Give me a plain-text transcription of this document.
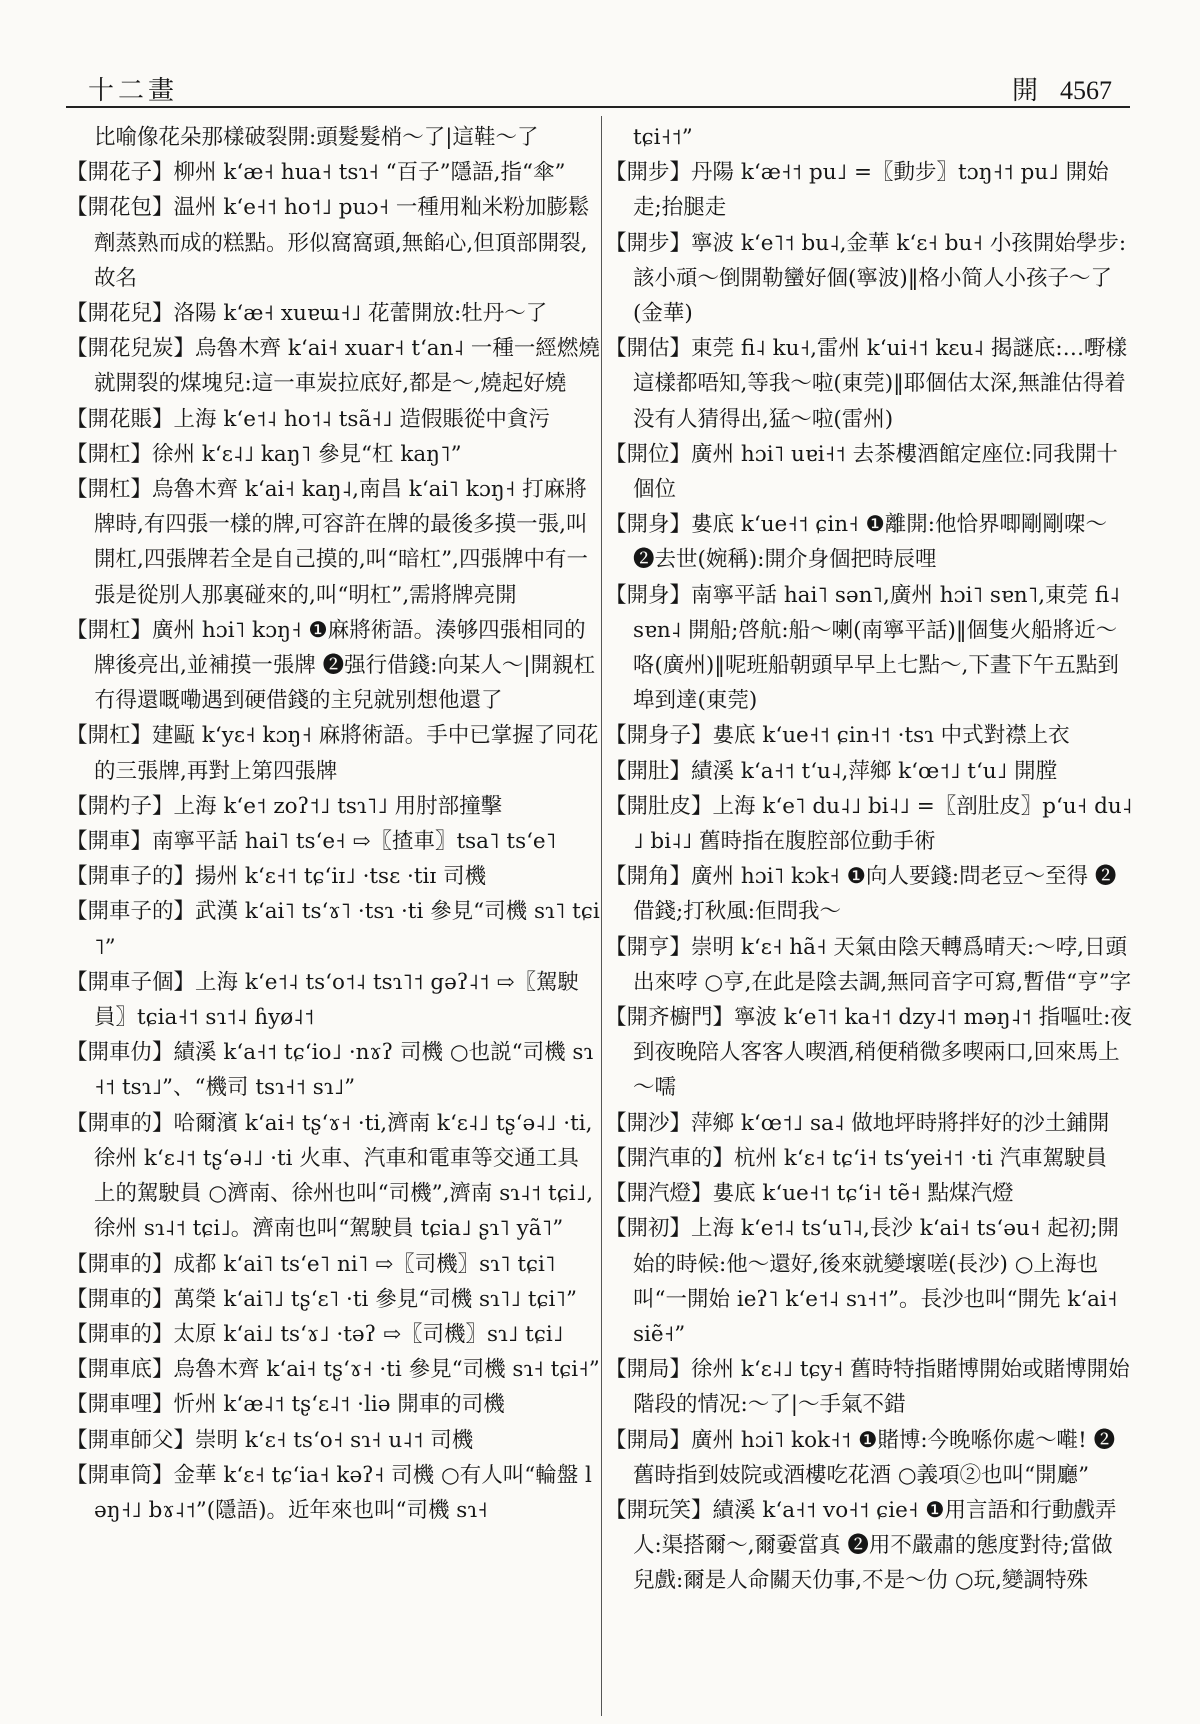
十二畫	開 4567

比喻像花朵那樣破裂開:頭髮髮梢～了|這鞋～了

【開花子】柳州 kʻæ˧ hua˧ tsɿ˧ “百子”隱語,指“傘”

【開花包】温州 kʻe˧˦ ho˦˩ puɔ˧ 一種用籼米粉加膨鬆劑蒸熟而成的糕點。形似窩窩頭,無餡心,但頂部開裂,故名

【開花兒】洛陽 kʻæ˧ xuɐɯ˧˩ 花蕾開放:牡丹～了

【開花兒炭】烏魯木齊 kʻai˧ xuar˧ tʻan˨ 一種一經燃燒就開裂的煤塊兒:這一車炭拉底好,都是～,燒起好燒

【開花賬】上海 kʻe˦˨ ho˦˨ tsã˧˩ 造假賬從中貪污

【開杠】徐州 kʻɛ˨˩ kaŋ˥ 參見“杠 kaŋ˥”

【開杠】烏魯木齊 kʻai˧ kaŋ˨,南昌 kʻai˥ kɔŋ˧ 打麻將牌時,有四張一樣的牌,可容許在牌的最後多摸一張,叫開杠,四張牌若全是自己摸的,叫“暗杠”,四張牌中有一張是從別人那裏碰來的,叫“明杠”,需將牌亮開

【開杠】廣州 hɔi˥ kɔŋ˧ ❶麻將術語。湊够四張相同的牌後亮出,並補摸一張牌 ❷强行借錢:向某人～|開親杠冇得還嘅嘞遇到硬借錢的主兒就别想他還了

【開杠】建甌 kʻyɛ˧ kɔŋ˧ 麻將術語。手中已掌握了同花的三張牌,再對上第四張牌

【開杓子】上海 kʻe˦ zoʔ˦˩ tsɿ˥˩ 用肘部撞擊

【開車】南寧平話 hai˥ tsʻe˧ ⇨〖揸車〗tsa˥ tsʻe˥

【開車子的】揚州 kʻɛ˧˦ tɕʻiɪ˩ ·tsɛ ·tiɪ 司機

【開車子的】武漢 kʻai˥ tsʻɤ˥ ·tsɿ ·ti 參見“司機 sɿ˥ tɕi˥”

【開車子個】上海 kʻe˦˨ tsʻo˦˨ tsɿ˥˦ gəʔ˨˦ ⇨〖駕駛員〗tɕia˧˦ sɿ˦˨ ɦyø˨˦

【開車仂】績溪 kʻa˧˦ tɕʻio˩ ·nɤʔ 司機 ○也説“司機 sɿ˧˦ tsɿ˩”、“機司 tsɿ˧˦ sɿ˩”

【開車的】哈爾濱 kʻai˧ tʂʻɤ˧ ·ti,濟南 kʻɛ˨˩ tʂʻə˨˩ ·ti,徐州 kʻɛ˨˦ tʂʻə˨˩ ·ti 火車、汽車和電車等交通工具上的駕駛員 ○濟南、徐州也叫“司機”,濟南 sɿ˨˦ tɕi˩,徐州 sɿ˨˦ tɕi˩。濟南也叫“駕駛員 tɕia˩ ʂɿ˥ yã˥”

【開車的】成都 kʻai˥ tsʻe˥ ni˥ ⇨〖司機〗sɿ˥ tɕi˥

【開車的】萬榮 kʻai˥˩ tʂʻɛ˥ ·ti 參見“司機 sɿ˥˩ tɕi˥”

【開車的】太原 kʻai˩ tsʻɤ˩ ·təʔ ⇨〖司機〗sɿ˩ tɕi˩

【開車底】烏魯木齊 kʻai˧ tʂʻɤ˧ ·ti 參見“司機 sɿ˧ tɕi˧”

【開車哩】忻州 kʻæ˨˦ tʂʻɛ˨˦ ·liə 開車的司機

【開車師父】崇明 kʻɛ˧ tsʻo˧ sɿ˧ u˨˦ 司機

【開車筒】金華 kʻɛ˧ tɕʻia˧ kəʔ˧ 司機 ○有人叫“輪盤 ləŋ˧˩ bɤ˨˦”(隱語)。近年來也叫“司機 sɿ˧

tɕi˧˦”

【開步】丹陽 kʻæ˧˦ pu˩ =〖動步〗tɔŋ˧˦ pu˩ 開始走;抬腿走

【開步】寧波 kʻe˥˦ bu˨,金華 kʻɛ˧ bu˧ 小孩開始學步:該小頑～倒開勒蠻好個(寧波)‖格小简人小孩子～了(金華)

【開估】東莞 fi˨ ku˧,雷州 kʻui˧˦ kɛu˨ 揭謎底:…嘢樣這樣都唔知,等我～啦(東莞)‖耶個估太深,無誰估得着没有人猜得出,猛～啦(雷州)

【開位】廣州 hɔi˥ uɐi˧˦ 去茶樓酒館定座位:同我開十個位

【開身】婁底 kʻue˧˦ ɕin˧ ❶離開:他恰界唧剛剛㗎～ ❷去世(婉稱):開介身個把時辰哩

【開身】南寧平話 hai˥ sən˥,廣州 hɔi˥ sɐn˥,東莞 fi˨ sɐn˨ 開船;啓航:船～喇(南寧平話)‖個隻火船將近～咯(廣州)‖呢班船朝頭早早上七點～,下晝下午五點到埠到達(東莞)

【開身子】婁底 kʻue˧˦ ɕin˧˦ ·tsɿ 中式對襟上衣

【開肚】績溪 kʻa˧˦ tʻu˨,萍鄉 kʻœ˦˩ tʻu˩ 開膛

【開肚皮】上海 kʻe˥ du˨˩ bi˨˩ =〖剖肚皮〗pʻu˧ du˨˩ bi˨˩ 舊時指在腹腔部位動手術

【開角】廣州 hɔi˥ kɔk˧ ❶向人要錢:問老豆～至得 ❷借錢;打秋風:佢問我～

【開亨】崇明 kʻɛ˧ hã˧ 天氣由陰天轉爲晴天:～哱,日頭出來哱 ○亨,在此是陰去調,無同音字可寫,暫借“亨”字

【開齐櫥門】寧波 kʻe˥˦ ka˧˦ dzy˨˦ məŋ˨˦ 指嘔吐:夜到夜晚陪人客客人喫酒,稍便稍微多喫兩口,回來馬上～嚅

【開沙】萍鄉 kʻœ˦˩ sa˨ 做地坪時將拌好的沙土鋪開

【開汽車的】杭州 kʻɛ˧ tɕʻi˧ tsʻyei˧˦ ·ti 汽車駕駛員

【開汽燈】婁底 kʻue˧˦ tɕʻi˧ tẽ˧ 點煤汽燈

【開初】上海 kʻe˦˨ tsʻu˥˨,長沙 kʻai˧ tsʻəu˧ 起初;開始的時候:他～還好,後來就變壞嗟(長沙) ○上海也叫“一開始 ieʔ˥ kʻe˦˨ sɿ˧˦”。長沙也叫“開先 kʻai˧ siẽ˧”

【開局】徐州 kʻɛ˨˩ tɕy˧ 舊時特指賭博開始或賭博開始階段的情况:～了|～手氣不錯

【開局】廣州 hɔi˥ kok˧˦ ❶賭博:今晚喺你處～嚡! ❷舊時指到妓院或酒樓吃花酒 ○義項②也叫“開廳”

【開玩笑】績溪 kʻa˧˦ vo˧˦ ɕie˧ ❶用言語和行動戲弄人:渠搭爾～,爾嫑當真 ❷用不嚴肅的態度對待;當做兒戲:爾是人命關天仂事,不是～仂 ○玩,變調特殊
